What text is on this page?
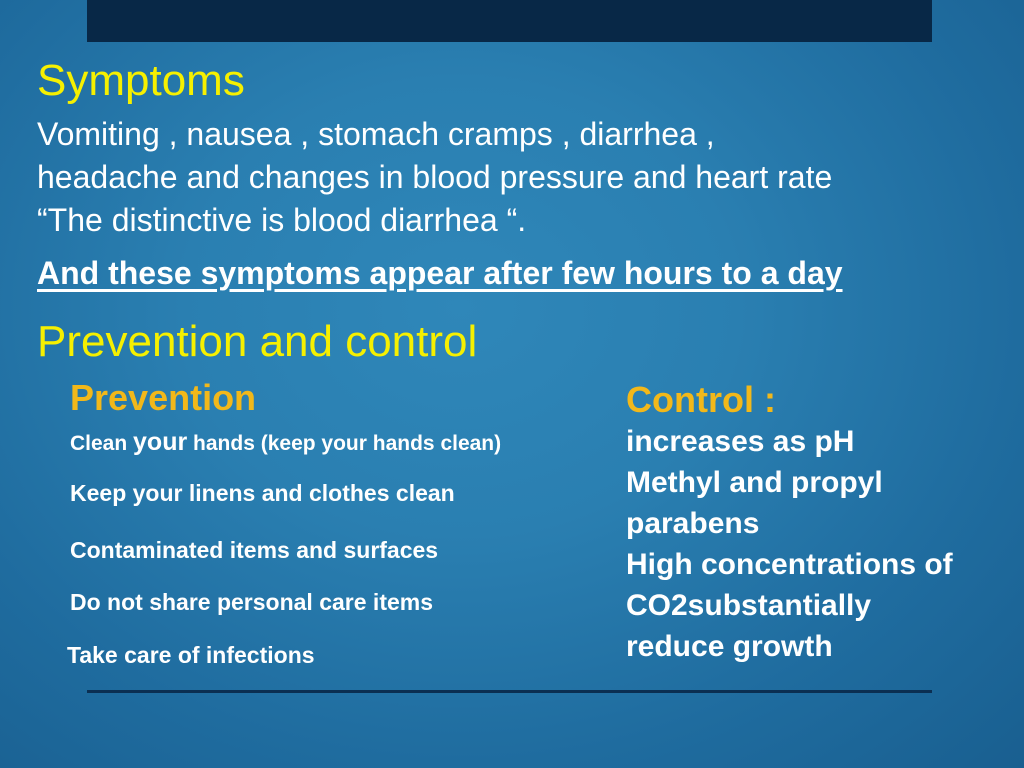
Symptoms
Vomiting , nausea , stomach cramps , diarrhea ,
headache and changes in blood pressure and heart rate
“The distinctive is blood diarrhea “.
And these symptoms appear after few hours to a day
Prevention and control
Prevention
Clean your hands (keep your hands clean)
Keep your linens and clothes clean
Contaminated items and surfaces
Do not share personal care items
Take care of infections
Control :
increases as pH
Methyl and propyl
parabens
High concentrations of
CO2substantially
reduce growth
